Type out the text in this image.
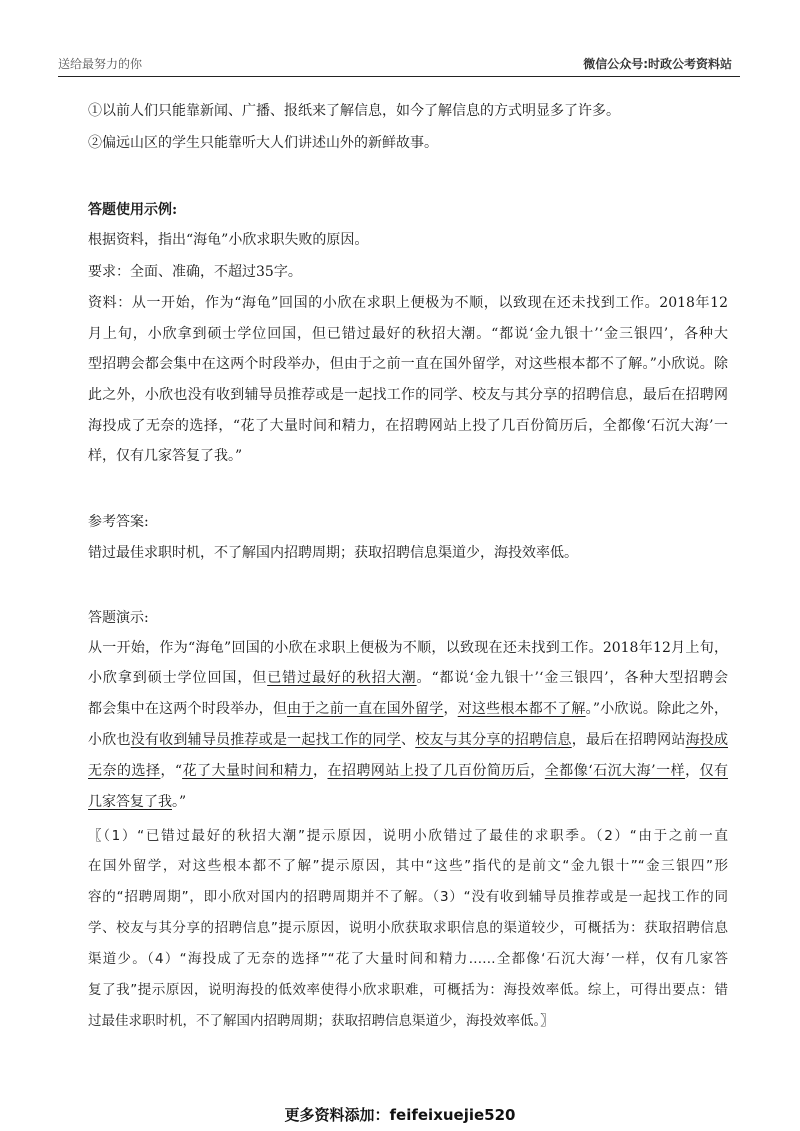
送给最努力的你	微信公众号:时政公考资料站
①以前人们只能靠新闻、广播、报纸来了解信息，如今了解信息的方式明显多了许多。
②偏远山区的学生只能靠听大人们讲述山外的新鲜故事。
答题使用示例:
根据资料，指出“海龟”小欣求职失败的原因。
要求：全面、准确，不超过35字。
资料：从一开始，作为“海龟”回国的小欣在求职上便极为不顺，以致现在还未找到工作。2018年12
月上旬，小欣拿到硕士学位回国，但已错过最好的秋招大潮。“都说‘金九银十’‘金三银四’，各种大
型招聘会都会集中在这两个时段举办，但由于之前一直在国外留学，对这些根本都不了解。”小欣说。除
此之外，小欣也没有收到辅导员推荐或是一起找工作的同学、校友与其分享的招聘信息，最后在招聘网
海投成了无奈的选择，“花了大量时间和精力，在招聘网站上投了几百份简历后，全都像‘石沉大海’一
样，仅有几家答复了我。”
参考答案:
错过最佳求职时机，不了解国内招聘周期；获取招聘信息渠道少，海投效率低。
答题演示:
从一开始，作为“海龟”回国的小欣在求职上便极为不顺，以致现在还未找到工作。2018年12月上旬，
小欣拿到硕士学位回国，但已错过最好的秋招大潮。“都说‘金九银十’‘金三银四’，各种大型招聘会
都会集中在这两个时段举办，但由于之前一直在国外留学，对这些根本都不了解。”小欣说。除此之外，
小欣也没有收到辅导员推荐或是一起找工作的同学、校友与其分享的招聘信息，最后在招聘网站海投成
无奈的选择，“花了大量时间和精力，在招聘网站上投了几百份简历后，全都像‘石沉大海’一样，仅有
几家答复了我。”
〖（1）“已错过最好的秋招大潮”提示原因，说明小欣错过了最佳的求职季。（2）“由于之前一直
在国外留学，对这些根本都不了解”提示原因，其中“这些”指代的是前文“金九银十”“金三银四”形
容的“招聘周期”，即小欣对国内的招聘周期并不了解。（3）“没有收到辅导员推荐或是一起找工作的同
学、校友与其分享的招聘信息”提示原因，说明小欣获取求职信息的渠道较少，可概括为：获取招聘信息
渠道少。（4）“海投成了无奈的选择”“花了大量时间和精力……全都像‘石沉大海’一样，仅有几家答
复了我”提示原因，说明海投的低效率使得小欣求职难，可概括为：海投效率低。综上，可得出要点：错
过最佳求职时机，不了解国内招聘周期；获取招聘信息渠道少，海投效率低。〗
更多资料添加：feifeixuejie520
